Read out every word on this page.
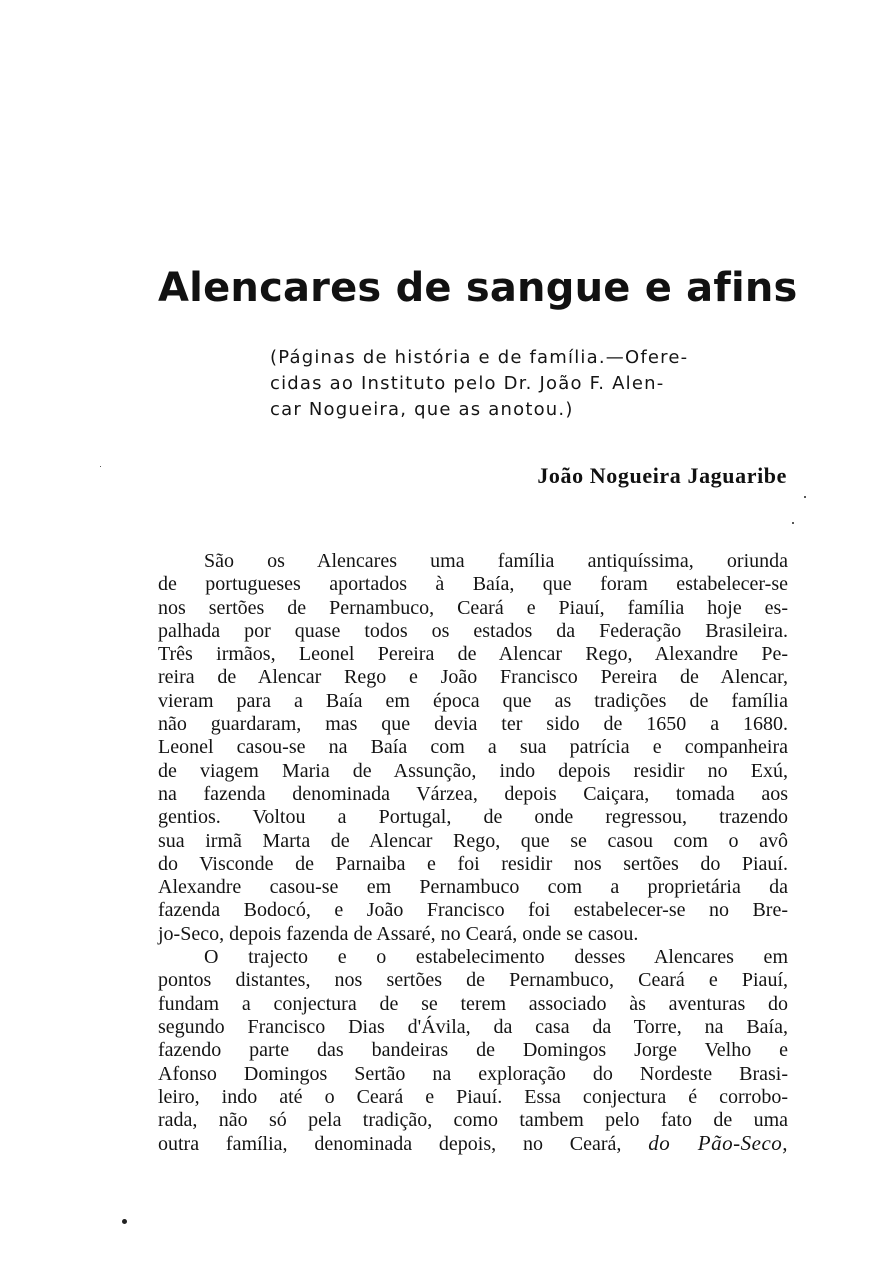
Alencares de sangue e afins
(Páginas de história e de família.—Ofere-
cidas ao Instituto pelo Dr. João F. Alen-
car Nogueira, que as anotou.)
João Nogueira Jaguaribe
São os Alencares uma família antiquíssima, oriunda
de portugueses aportados à Baía, que foram estabelecer-se
nos sertões de Pernambuco, Ceará e Piauí, família hoje es-
palhada por quase todos os estados da Federação Brasileira.
Três irmãos, Leonel Pereira de Alencar Rego, Alexandre Pe-
reira de Alencar Rego e João Francisco Pereira de Alencar,
vieram para a Baía em época que as tradições de família
não guardaram, mas que devia ter sido de 1650 a 1680.
Leonel casou-se na Baía com a sua patrícia e companheira
de viagem Maria de Assunção, indo depois residir no Exú,
na fazenda denominada Várzea, depois Caiçara, tomada aos
gentios. Voltou a Portugal, de onde regressou, trazendo
sua irmã Marta de Alencar Rego, que se casou com o avô
do Visconde de Parnaiba e foi residir nos sertões do Piauí.
Alexandre casou-se em Pernambuco com a proprietária da
fazenda Bodocó, e João Francisco foi estabelecer-se no Bre-
jo-Seco, depois fazenda de Assaré, no Ceará, onde se casou.
O trajecto e o estabelecimento desses Alencares em
pontos distantes, nos sertões de Pernambuco, Ceará e Piauí,
fundam a conjectura de se terem associado às aventuras do
segundo Francisco Dias d'Ávila, da casa da Torre, na Baía,
fazendo parte das bandeiras de Domingos Jorge Velho e
Afonso Domingos Sertão na exploração do Nordeste Brasi-
leiro, indo até o Ceará e Piauí. Essa conjectura é corrobo-
rada, não só pela tradição, como tambem pelo fato de uma
outra família, denominada depois, no Ceará, do Pão-Seco,
